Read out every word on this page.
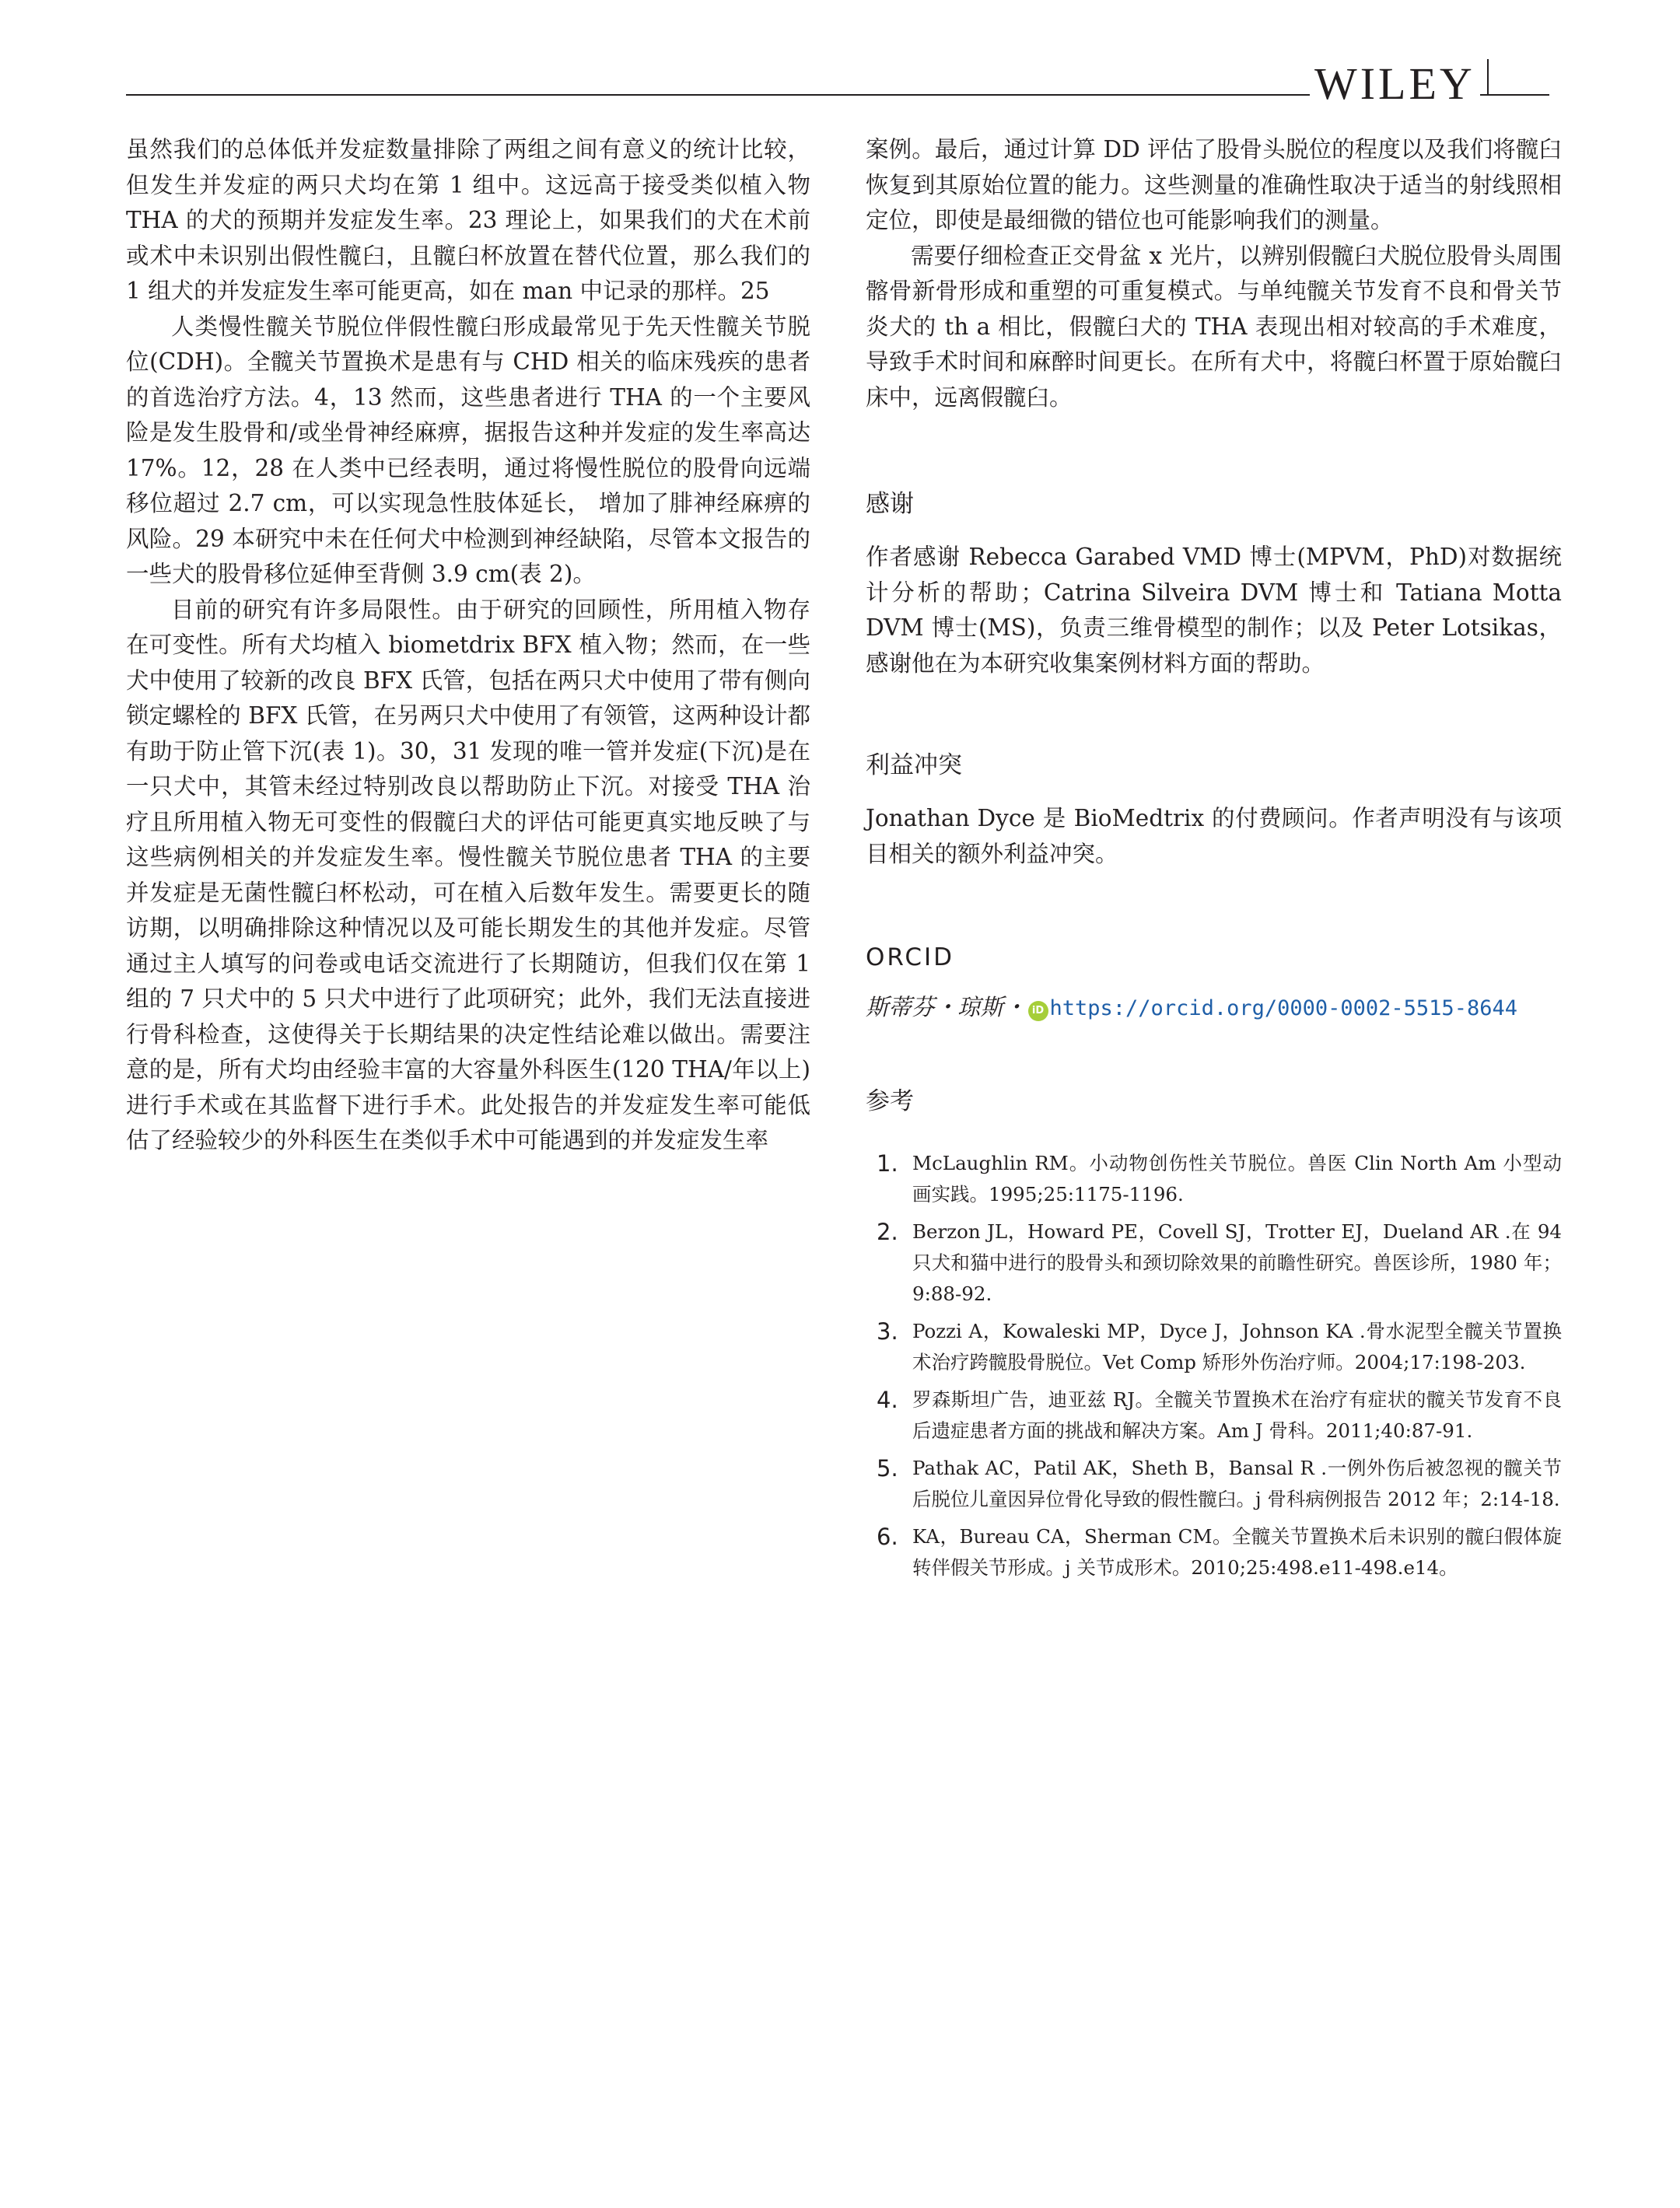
WILEY

虽然我们的总体低并发症数量排除了两组之间有意义的统计比较，但发生并发症的两只犬均在第 1 组中。这远高于接受类似植入物 THA 的犬的预期并发症发生率。23 理论上，如果我们的犬在术前或术中未识别出假性髋臼，且髋臼杯放置在替代位置，那么我们的 1 组犬的并发症发生率可能更高，如在 man 中记录的那样。25

人类慢性髋关节脱位伴假性髋臼形成最常见于先天性髋关节脱位(CDH)。全髋关节置换术是患有与 CHD 相关的临床残疾的患者的首选治疗方法。4，13 然而，这些患者进行 THA 的一个主要风险是发生股骨和/或坐骨神经麻痹，据报告这种并发症的发生率高达 17%。12，28 在人类中已经表明，通过将慢性脱位的股骨向远端移位超过 2.7 cm，可以实现急性肢体延长， 增加了腓神经麻痹的风险。29 本研究中未在任何犬中检测到神经缺陷，尽管本文报告的一些犬的股骨移位延伸至背侧 3.9 cm(表 2)。

目前的研究有许多局限性。由于研究的回顾性，所用植入物存在可变性。所有犬均植入 biometdrix BFX 植入物；然而，在一些犬中使用了较新的改良 BFX 氏管，包括在两只犬中使用了带有侧向锁定螺栓的 BFX 氏管，在另两只犬中使用了有领管，这两种设计都有助于防止管下沉(表 1)。30，31 发现的唯一管并发症(下沉)是在一只犬中，其管未经过特别改良以帮助防止下沉。对接受 THA 治疗且所用植入物无可变性的假髋臼犬的评估可能更真实地反映了与这些病例相关的并发症发生率。慢性髋关节脱位患者 THA 的主要并发症是无菌性髋臼杯松动，可在植入后数年发生。需要更长的随访期，以明确排除这种情况以及可能长期发生的其他并发症。尽管通过主人填写的问卷或电话交流进行了长期随访，但我们仅在第 1 组的 7 只犬中的 5 只犬中进行了此项研究；此外，我们无法直接进行骨科检查，这使得关于长期结果的决定性结论难以做出。需要注意的是，所有犬均由经验丰富的大容量外科医生(120 THA/年以上)进行手术或在其监督下进行手术。此处报告的并发症发生率可能低估了经验较少的外科医生在类似手术中可能遇到的并发症发生率

案例。最后，通过计算 DD 评估了股骨头脱位的程度以及我们将髋臼恢复到其原始位置的能力。这些测量的准确性取决于适当的射线照相定位，即使是最细微的错位也可能影响我们的测量。

需要仔细检查正交骨盆 x 光片，以辨别假髋臼犬脱位股骨头周围髂骨新骨形成和重塑的可重复模式。与单纯髋关节发育不良和骨关节炎犬的 th a 相比，假髋臼犬的 THA 表现出相对较高的手术难度，导致手术时间和麻醉时间更长。在所有犬中，将髋臼杯置于原始髋臼床中，远离假髋臼。

感谢

作者感谢 Rebecca Garabed VMD 博士(MPVM，PhD)对数据统计分析的帮助；Catrina Silveira DVM 博士和 Tatiana Motta DVM 博士(MS)，负责三维骨模型的制作；以及 Peter Lotsikas，感谢他在为本研究收集案例材料方面的帮助。

利益冲突

Jonathan Dyce 是 BioMedtrix 的付费顾问。作者声明没有与该项目相关的额外利益冲突。

ORCID
斯蒂芬・琼斯・ iD https://orcid.org/0000-0002-5515-8644
参考
1. McLaughlin RM。小动物创伤性关节脱位。兽医 Clin North Am 小型动画实践。1995;25:1175-1196.
2. Berzon JL，Howard PE，Covell SJ，Trotter EJ，Dueland AR .在 94 只犬和猫中进行的股骨头和颈切除效果的前瞻性研究。兽医诊所，1980 年；9:88-92.
3. Pozzi A，Kowaleski MP，Dyce J，Johnson KA .骨水泥型全髋关节置换术治疗跨髋股骨脱位。Vet Comp 矫形外伤治疗师。2004;17:198-203.
4. 罗森斯坦广告，迪亚兹 RJ。全髋关节置换术在治疗有症状的髋关节发育不良后遗症患者方面的挑战和解决方案。Am J 骨科。2011;40:87-91.
5. Pathak AC，Patil AK，Sheth B，Bansal R .一例外伤后被忽视的髋关节后脱位儿童因异位骨化导致的假性髋臼。j 骨科病例报告 2012 年；2:14-18.
6. KA，Bureau CA，Sherman CM。全髋关节置换术后未识别的髋臼假体旋转伴假关节形成。j 关节成形术。2010;25:498.e11-498.e14。
